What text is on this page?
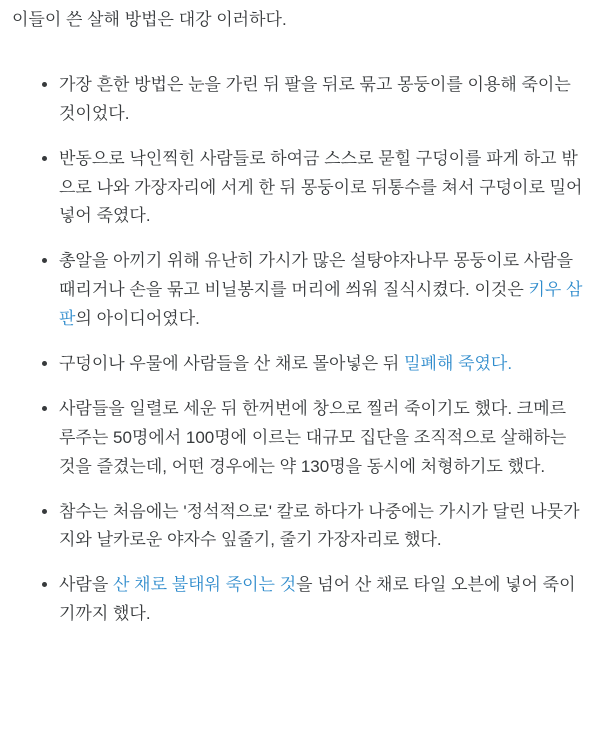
이들이 쓴 살해 방법은 대강 이러하다.

• 가장 흔한 방법은 눈을 가린 뒤 팔을 뒤로 묶고 몽둥이를 이용해 죽이는 것이었다.
• 반동으로 낙인찍힌 사람들로 하여금 스스로 묻힐 구덩이를 파게 하고 밖으로 나와 가장자리에 서게 한 뒤 몽둥이로 뒤통수를 쳐서 구덩이로 밀어 넣어 죽였다.
• 총알을 아끼기 위해 유난히 가시가 많은 설탕야자나무 몽둥이로 사람을 때리거나 손을 묶고 비닐봉지를 머리에 씌워 질식시켰다. 이것은 키우 삼판의 아이디어였다.
• 구덩이나 우물에 사람들을 산 채로 몰아넣은 뒤 밀폐해 죽였다.
• 사람들을 일렬로 세운 뒤 한꺼번에 창으로 찔러 죽이기도 했다. 크메르 루주는 50명에서 100명에 이르는 대규모 집단을 조직적으로 살해하는 것을 즐겼는데, 어떤 경우에는 약 130명을 동시에 처형하기도 했다.
• 참수는 처음에는 '정석적으로' 칼로 하다가 나중에는 가시가 달린 나뭇가지와 날카로운 야자수 잎줄기, 줄기 가장자리로 했다.
• 사람을 산 채로 불태워 죽이는 것을 넘어 산 채로 타일 오븐에 넣어 죽이기까지 했다.
